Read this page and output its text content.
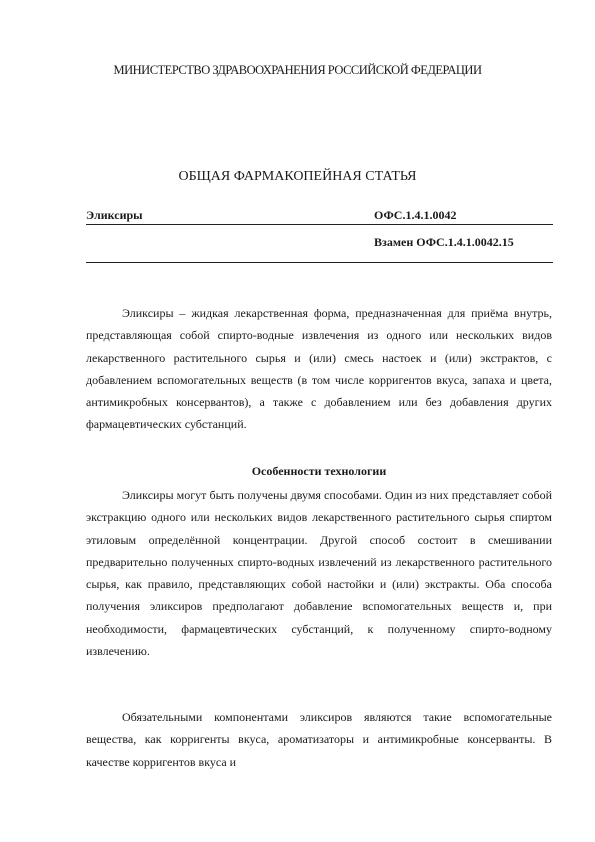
МИНИСТЕРСТВО ЗДРАВООХРАНЕНИЯ РОССИЙСКОЙ ФЕДЕРАЦИИ
ОБЩАЯ ФАРМАКОПЕЙНАЯ СТАТЬЯ
Эликсиры	ОФС.1.4.1.0042
Взамен ОФС.1.4.1.0042.15
Эликсиры – жидкая лекарственная форма, предназначенная для приёма внутрь, представляющая собой спирто-водные извлечения из одного или нескольких видов лекарственного растительного сырья и (или) смесь настоек и (или) экстрактов, с добавлением вспомогательных веществ (в том числе корригентов вкуса, запаха и цвета, антимикробных консервантов), а также с добавлением или без добавления других фармацевтических субстанций.
Особенности технологии
Эликсиры могут быть получены двумя способами. Один из них представляет собой экстракцию одного или нескольких видов лекарственного растительного сырья спиртом этиловым определённой концентрации. Другой способ состоит в смешивании предварительно полученных спирто-водных извлечений из лекарственного растительного сырья, как правило, представляющих собой настойки и (или) экстракты. Оба способа получения эликсиров предполагают добавление вспомогательных веществ и, при необходимости, фармацевтических субстанций, к полученному спирто-водному извлечению.
Обязательными компонентами эликсиров являются такие вспомогательные вещества, как корригенты вкуса, ароматизаторы и антимикробные консерванты. В качестве корригентов вкуса и
